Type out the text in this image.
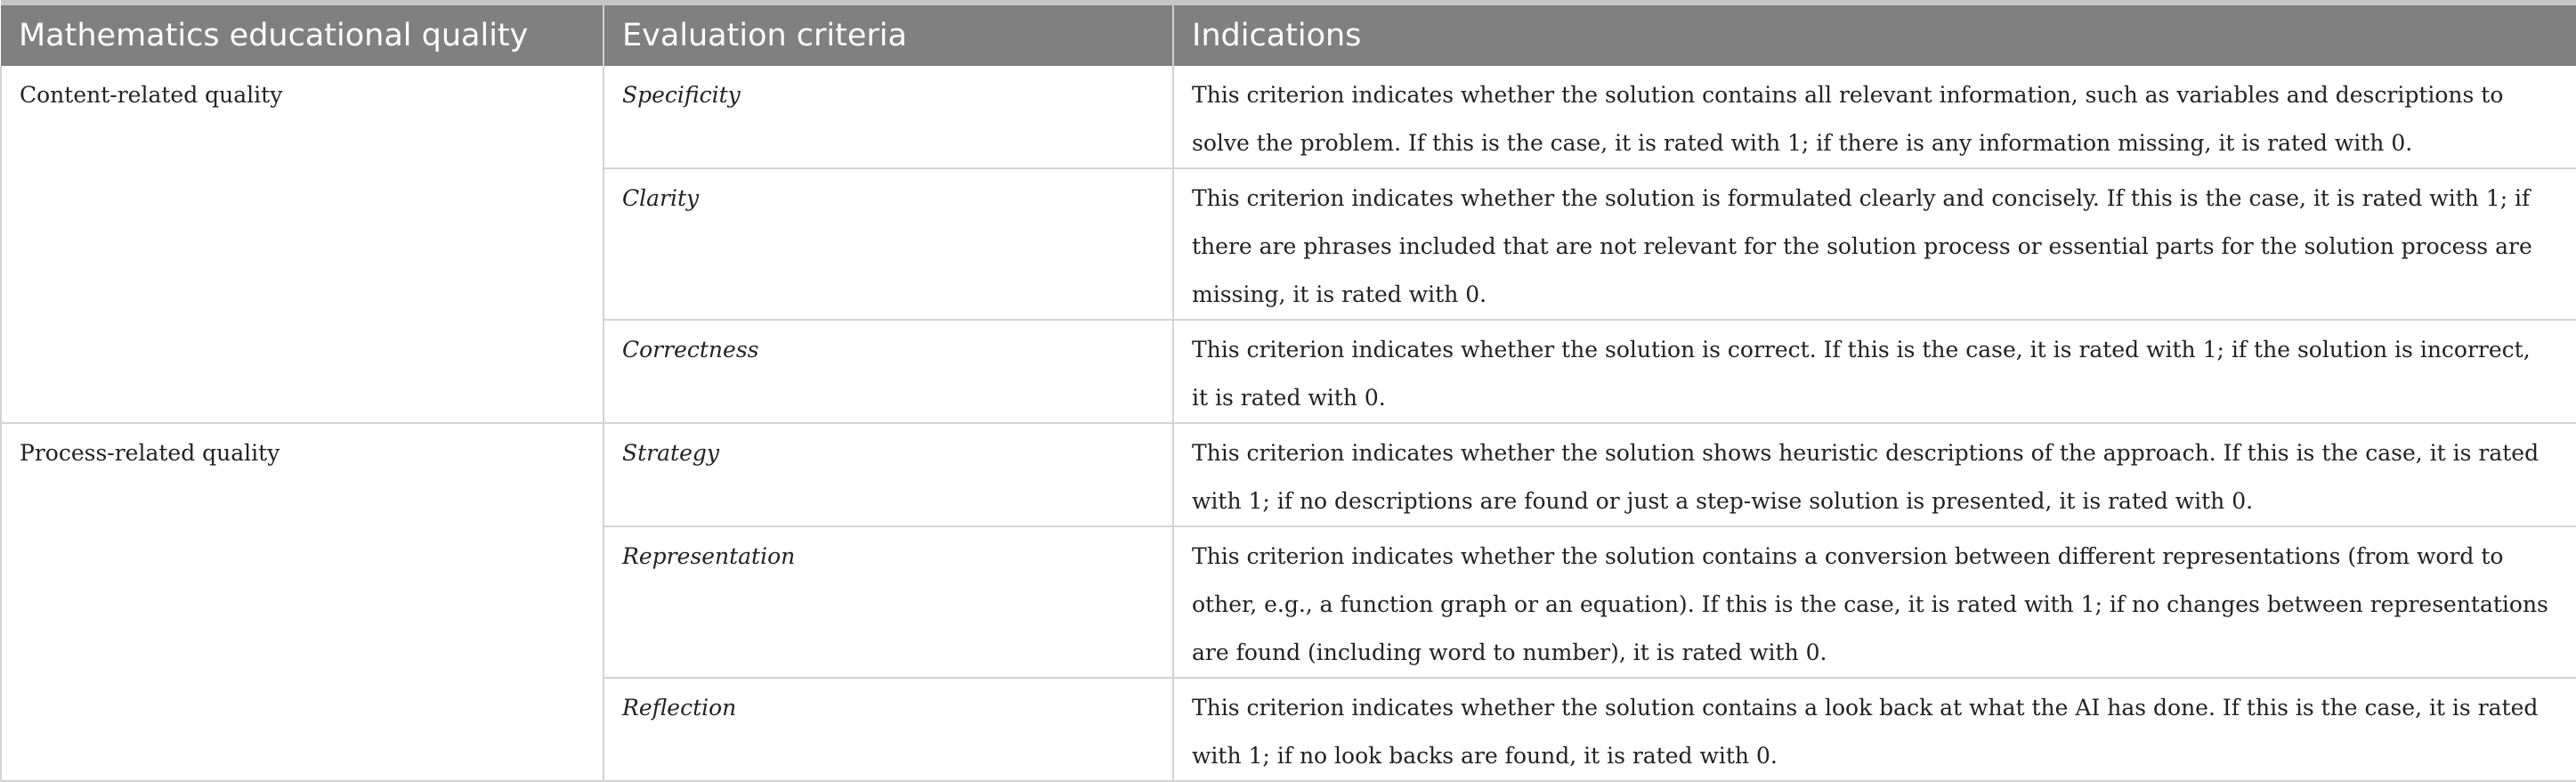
Mathematics educational quality	Evaluation criteria	Indications
Content-related quality	Specificity	This criterion indicates whether the solution contains all relevant information, such as variables and descriptions to solve the problem. If this is the case, it is rated with 1; if there is any information missing, it is rated with 0.
	Clarity	This criterion indicates whether the solution is formulated clearly and concisely. If this is the case, it is rated with 1; if there are phrases included that are not relevant for the solution process or essential parts for the solution process are missing, it is rated with 0.
	Correctness	This criterion indicates whether the solution is correct. If this is the case, it is rated with 1; if the solution is incorrect, it is rated with 0.
Process-related quality	Strategy	This criterion indicates whether the solution shows heuristic descriptions of the approach. If this is the case, it is rated with 1; if no descriptions are found or just a step-wise solution is presented, it is rated with 0.
	Representation	This criterion indicates whether the solution contains a conversion between different representations (from word to other, e.g., a function graph or an equation). If this is the case, it is rated with 1; if no changes between representations are found (including word to number), it is rated with 0.
	Reflection	This criterion indicates whether the solution contains a look back at what the AI has done. If this is the case, it is rated with 1; if no look backs are found, it is rated with 0.
